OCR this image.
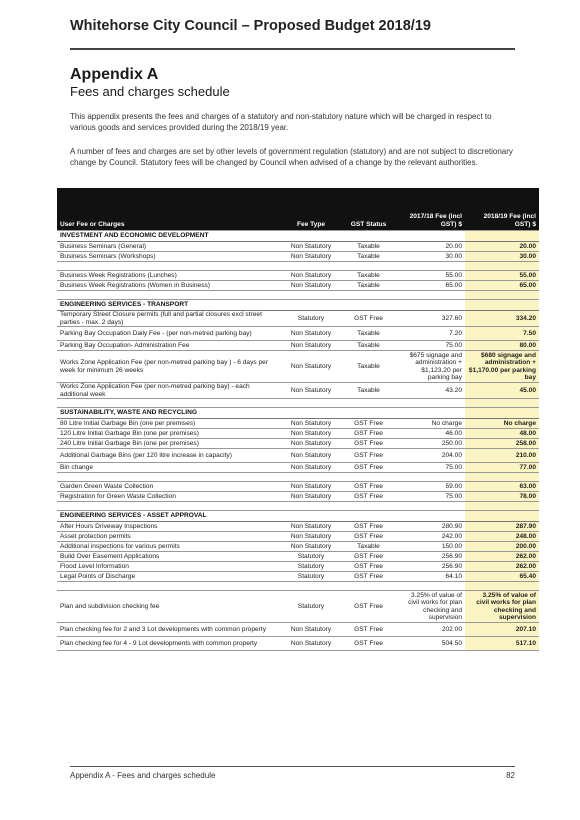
Whitehorse City Council – Proposed Budget 2018/19
Appendix A
Fees and charges schedule
This appendix presents the fees and charges of a statutory and non-statutory nature which will be charged in respect to various goods and services provided during the 2018/19 year.
A number of fees and charges are set by other levels of government regulation (statutory) and are not subject to discretionary change by Council. Statutory fees will be changed by Council when advised of a change by the relevant authorities.
User Fee or Charges	Fee Type	GST Status	2017/18 Fee (incl GST) $	2018/19 Fee (incl GST) $
INVESTMENT AND ECONOMIC DEVELOPMENT				
Business Seminars (General)	Non Statutory	Taxable	20.00	20.00
Business Seminars (Workshops)	Non Statutory	Taxable	30.00	30.00

Business Week Registrations (Lunches)	Non Statutory	Taxable	55.00	55.00
Business Week Registrations (Women in Business)	Non Statutory	Taxable	65.00	65.00

ENGINEERING SERVICES - TRANSPORT				
Temporary Street Closure permits (full and partial closures excl street parties - max. 2 days)	Statutory	GST Free	327.60	334.20
Parking Bay Occupation Daily Fee - (per non-metred parking bay)	Non Statutory	Taxable	7.20	7.50
Parking Bay Occupation- Administration Fee	Non Statutory	Taxable	75.00	80.00
Works Zone Application Fee (per non-metred parking bay ) - 6 days per week for minimum 26 weeks	Non Statutory	Taxable	$675 signage and administration + $1,123.20 per parking bay	$680 signage and administration + $1,170.00 per parking bay
Works Zone Application Fee (per non-metred parking bay) - each additional week	Non Statutory	Taxable	43.20	45.00

SUSTAINABILITY, WASTE AND RECYCLING				
80 Litre Initial Garbage Bin (one per premises)	Non Statutory	GST Free	No charge	No charge
120 Litre Initial Garbage Bin (one per premises)	Non Statutory	GST Free	46.00	48.00
240 Litre Initial Garbage Bin (one per premises)	Non Statutory	GST Free	250.00	258.00
Additional Garbage Bins (per 120 litre increase in capacity)	Non Statutory	GST Free	204.00	210.00
Bin change	Non Statutory	GST Free	75.00	77.00

Garden Green Waste Collection	Non Statutory	GST Free	59.00	63.00
Registration for Green Waste Collection	Non Statutory	GST Free	75.00	78.00

ENGINEERING SERVICES - ASSET APPROVAL				
After Hours Driveway Inspections	Non Statutory	GST Free	280.90	287.90
Asset protection permits	Non Statutory	GST Free	242.00	248.00
Additional inspections for various permits	Non Statutory	Taxable	150.00	200.00
Build Over Easement Applications	Statutory	GST Free	256.90	262.00
Flood Level Information	Statutory	GST Free	256.90	262.00
Legal Points of Discharge	Statutory	GST Free	64.10	65.40

Plan and subdivision checking fee	Statutory	GST Free	3.25% of value of civil works for plan checking and supervision	3.25% of value of civil works for plan checking and supervision
Plan checking fee for 2 and 3 Lot developments with common property	Non Statutory	GST Free	202.00	207.10
Plan checking fee for 4 - 9 Lot developments with common property	Non Statutory	GST Free	504.50	517.10
Appendix A - Fees and charges schedule	82
